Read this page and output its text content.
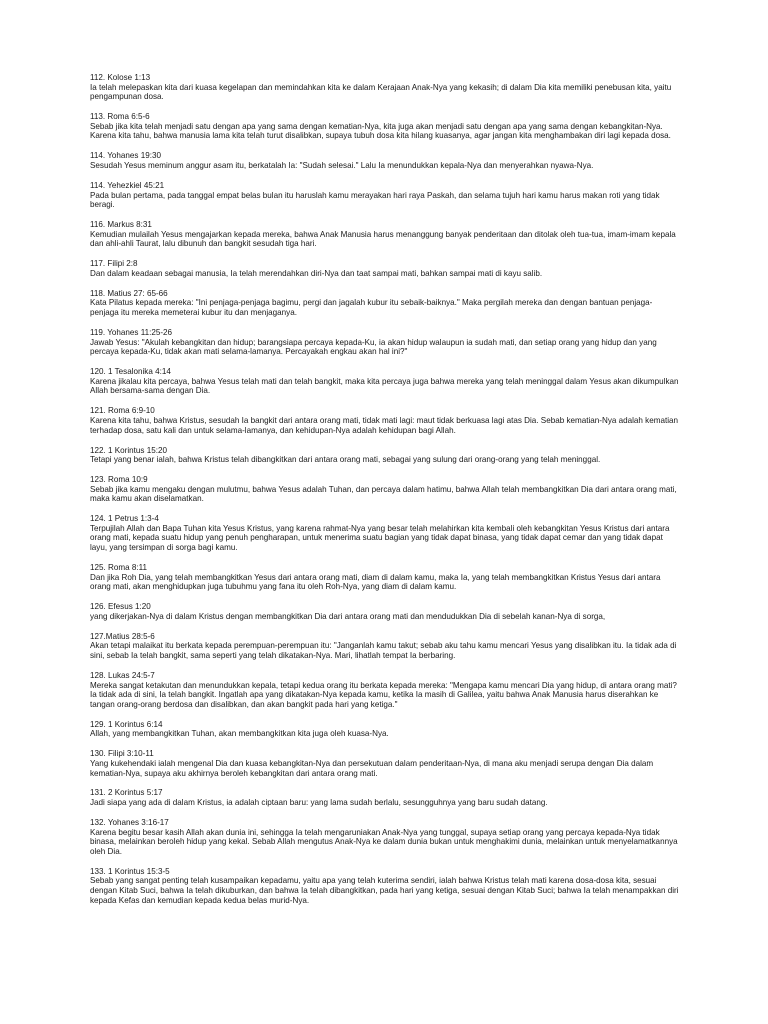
112. Kolose 1:13
Ia telah melepaskan kita dari kuasa kegelapan dan memindahkan kita ke dalam Kerajaan Anak-Nya yang kekasih; di dalam Dia kita memiliki penebusan kita, yaitu pengampunan dosa.
113. Roma 6:5-6
Sebab jika kita telah menjadi satu dengan apa yang sama dengan kematian-Nya, kita juga akan menjadi satu dengan apa yang sama dengan kebangkitan-Nya. Karena kita tahu, bahwa manusia lama kita telah turut disalibkan, supaya tubuh dosa kita hilang kuasanya, agar jangan kita menghambakan diri lagi kepada dosa.
114. Yohanes 19:30
Sesudah Yesus meminum anggur asam itu, berkatalah Ia: "Sudah selesai." Lalu Ia menundukkan kepala-Nya dan menyerahkan nyawa-Nya.
114. Yehezkiel 45:21
Pada bulan pertama, pada tanggal empat belas bulan itu haruslah kamu merayakan hari raya Paskah, dan selama tujuh hari kamu harus makan roti yang tidak beragi.
116. Markus 8:31
Kemudian mulailah Yesus mengajarkan kepada mereka, bahwa Anak Manusia harus menanggung banyak penderitaan dan ditolak oleh tua-tua, imam-imam kepala dan ahli-ahli Taurat, lalu dibunuh dan bangkit sesudah tiga hari.
117. Filipi 2:8
Dan dalam keadaan sebagai manusia, Ia telah merendahkan diri-Nya dan taat sampai mati, bahkan sampai mati di kayu salib.
118. Matius 27: 65-66
Kata Pilatus kepada mereka: "Ini penjaga-penjaga bagimu, pergi dan jagalah kubur itu sebaik-baiknya." Maka pergilah mereka dan dengan bantuan penjaga-penjaga itu mereka memeterai kubur itu dan menjaganya.
119. Yohanes 11:25-26
Jawab Yesus: "Akulah kebangkitan dan hidup; barangsiapa percaya kepada-Ku, ia akan hidup walaupun ia sudah mati, dan setiap orang yang hidup dan yang percaya kepada-Ku, tidak akan mati selama-lamanya. Percayakah engkau akan hal ini?"
120. 1 Tesalonika 4:14
Karena jikalau kita percaya, bahwa Yesus telah mati dan telah bangkit, maka kita percaya juga bahwa mereka yang telah meninggal dalam Yesus akan dikumpulkan Allah bersama-sama dengan Dia.
121. Roma 6:9-10
Karena kita tahu, bahwa Kristus, sesudah Ia bangkit dari antara orang mati, tidak mati lagi: maut tidak berkuasa lagi atas Dia. Sebab kematian-Nya adalah kematian terhadap dosa, satu kali dan untuk selama-lamanya, dan kehidupan-Nya adalah kehidupan bagi Allah.
122. 1 Korintus 15:20
Tetapi yang benar ialah, bahwa Kristus telah dibangkitkan dari antara orang mati, sebagai yang sulung dari orang-orang yang telah meninggal.
123. Roma 10:9
Sebab jika kamu mengaku dengan mulutmu, bahwa Yesus adalah Tuhan, dan percaya dalam hatimu, bahwa Allah telah membangkitkan Dia dari antara orang mati, maka kamu akan diselamatkan.
124. 1 Petrus 1:3-4
Terpujilah Allah dan Bapa Tuhan kita Yesus Kristus, yang karena rahmat-Nya yang besar telah melahirkan kita kembali oleh kebangkitan Yesus Kristus dari antara orang mati, kepada suatu hidup yang penuh pengharapan, untuk menerima suatu bagian yang tidak dapat binasa, yang tidak dapat cemar dan yang tidak dapat layu, yang tersimpan di sorga bagi kamu.
125. Roma 8:11
Dan jika Roh Dia, yang telah membangkitkan Yesus dari antara orang mati, diam di dalam kamu, maka Ia, yang telah membangkitkan Kristus Yesus dari antara orang mati, akan menghidupkan juga tubuhmu yang fana itu oleh Roh-Nya, yang diam di dalam kamu.
126. Efesus 1:20
yang dikerjakan-Nya di dalam Kristus dengan membangkitkan Dia dari antara orang mati dan mendudukkan Dia di sebelah kanan-Nya di sorga,
127.Matius 28:5-6
Akan tetapi malaikat itu berkata kepada perempuan-perempuan itu: "Janganlah kamu takut; sebab aku tahu kamu mencari Yesus yang disalibkan itu. Ia tidak ada di sini, sebab Ia telah bangkit, sama seperti yang telah dikatakan-Nya. Mari, lihatlah tempat Ia berbaring.
128. Lukas 24:5-7
Mereka sangat ketakutan dan menundukkan kepala, tetapi kedua orang itu berkata kepada mereka: "Mengapa kamu mencari Dia yang hidup, di antara orang mati? Ia tidak ada di sini, Ia telah bangkit. Ingatlah apa yang dikatakan-Nya kepada kamu, ketika Ia masih di Galilea, yaitu bahwa Anak Manusia harus diserahkan ke tangan orang-orang berdosa dan disalibkan, dan akan bangkit pada hari yang ketiga."
129. 1 Korintus 6:14
Allah, yang membangkitkan Tuhan, akan membangkitkan kita juga oleh kuasa-Nya.
130. Filipi 3:10-11
Yang kukehendaki ialah mengenal Dia dan kuasa kebangkitan-Nya dan persekutuan dalam penderitaan-Nya, di mana aku menjadi serupa dengan Dia dalam kematian-Nya, supaya aku akhirnya beroleh kebangkitan dari antara orang mati.
131. 2 Korintus 5:17
Jadi siapa yang ada di dalam Kristus, ia adalah ciptaan baru: yang lama sudah berlalu, sesungguhnya yang baru sudah datang.
132. Yohanes 3:16-17
Karena begitu besar kasih Allah akan dunia ini, sehingga Ia telah mengaruniakan Anak-Nya yang tunggal, supaya setiap orang yang percaya kepada-Nya tidak binasa, melainkan beroleh hidup yang kekal. Sebab Allah mengutus Anak-Nya ke dalam dunia bukan untuk menghakimi dunia, melainkan untuk menyelamatkannya oleh Dia.
133. 1 Korintus 15:3-5
Sebab yang sangat penting telah kusampaikan kepadamu, yaitu apa yang telah kuterima sendiri, ialah bahwa Kristus telah mati karena dosa-dosa kita, sesuai dengan Kitab Suci, bahwa Ia telah dikuburkan, dan bahwa Ia telah dibangkitkan, pada hari yang ketiga, sesuai dengan Kitab Suci; bahwa Ia telah menampakkan diri kepada Kefas dan kemudian kepada kedua belas murid-Nya.
